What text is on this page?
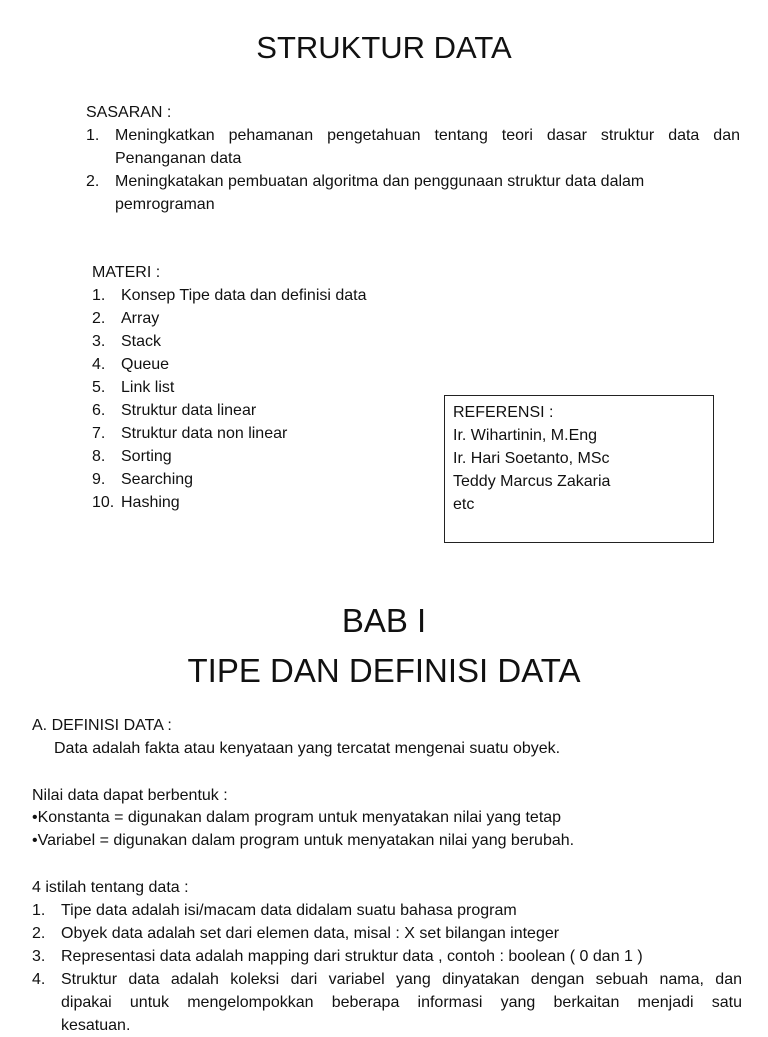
STRUKTUR DATA
SASARAN :
1. Meningkatkan pehamanan pengetahuan tentang teori dasar struktur data dan
Penanganan data
2. Meningkatakan pembuatan algoritma dan penggunaan struktur data dalam
pemrograman
MATERI :
1. Konsep Tipe data dan definisi data
2. Array
3. Stack
4. Queue
5. Link list
6. Struktur data linear
7. Struktur data non linear
8. Sorting
9. Searching
10. Hashing
REFERENSI :
Ir. Wihartinin, M.Eng
Ir. Hari Soetanto, MSc
Teddy Marcus Zakaria
etc
BAB I
TIPE DAN DEFINISI DATA
A. DEFINISI DATA :
Data adalah fakta atau kenyataan yang tercatat mengenai suatu obyek.
Nilai data dapat berbentuk :
•Konstanta = digunakan dalam program untuk menyatakan nilai yang tetap
•Variabel = digunakan dalam program untuk menyatakan nilai yang berubah.
4 istilah tentang data :
1. Tipe data adalah isi/macam data didalam suatu bahasa program
2. Obyek data adalah set dari elemen data, misal : X set bilangan integer
3. Representasi data adalah mapping dari struktur data , contoh : boolean ( 0 dan 1 )
4. Struktur data adalah koleksi dari variabel yang dinyatakan dengan sebuah nama, dan
dipakai untuk mengelompokkan beberapa informasi yang berkaitan menjadi satu
kesatuan.
